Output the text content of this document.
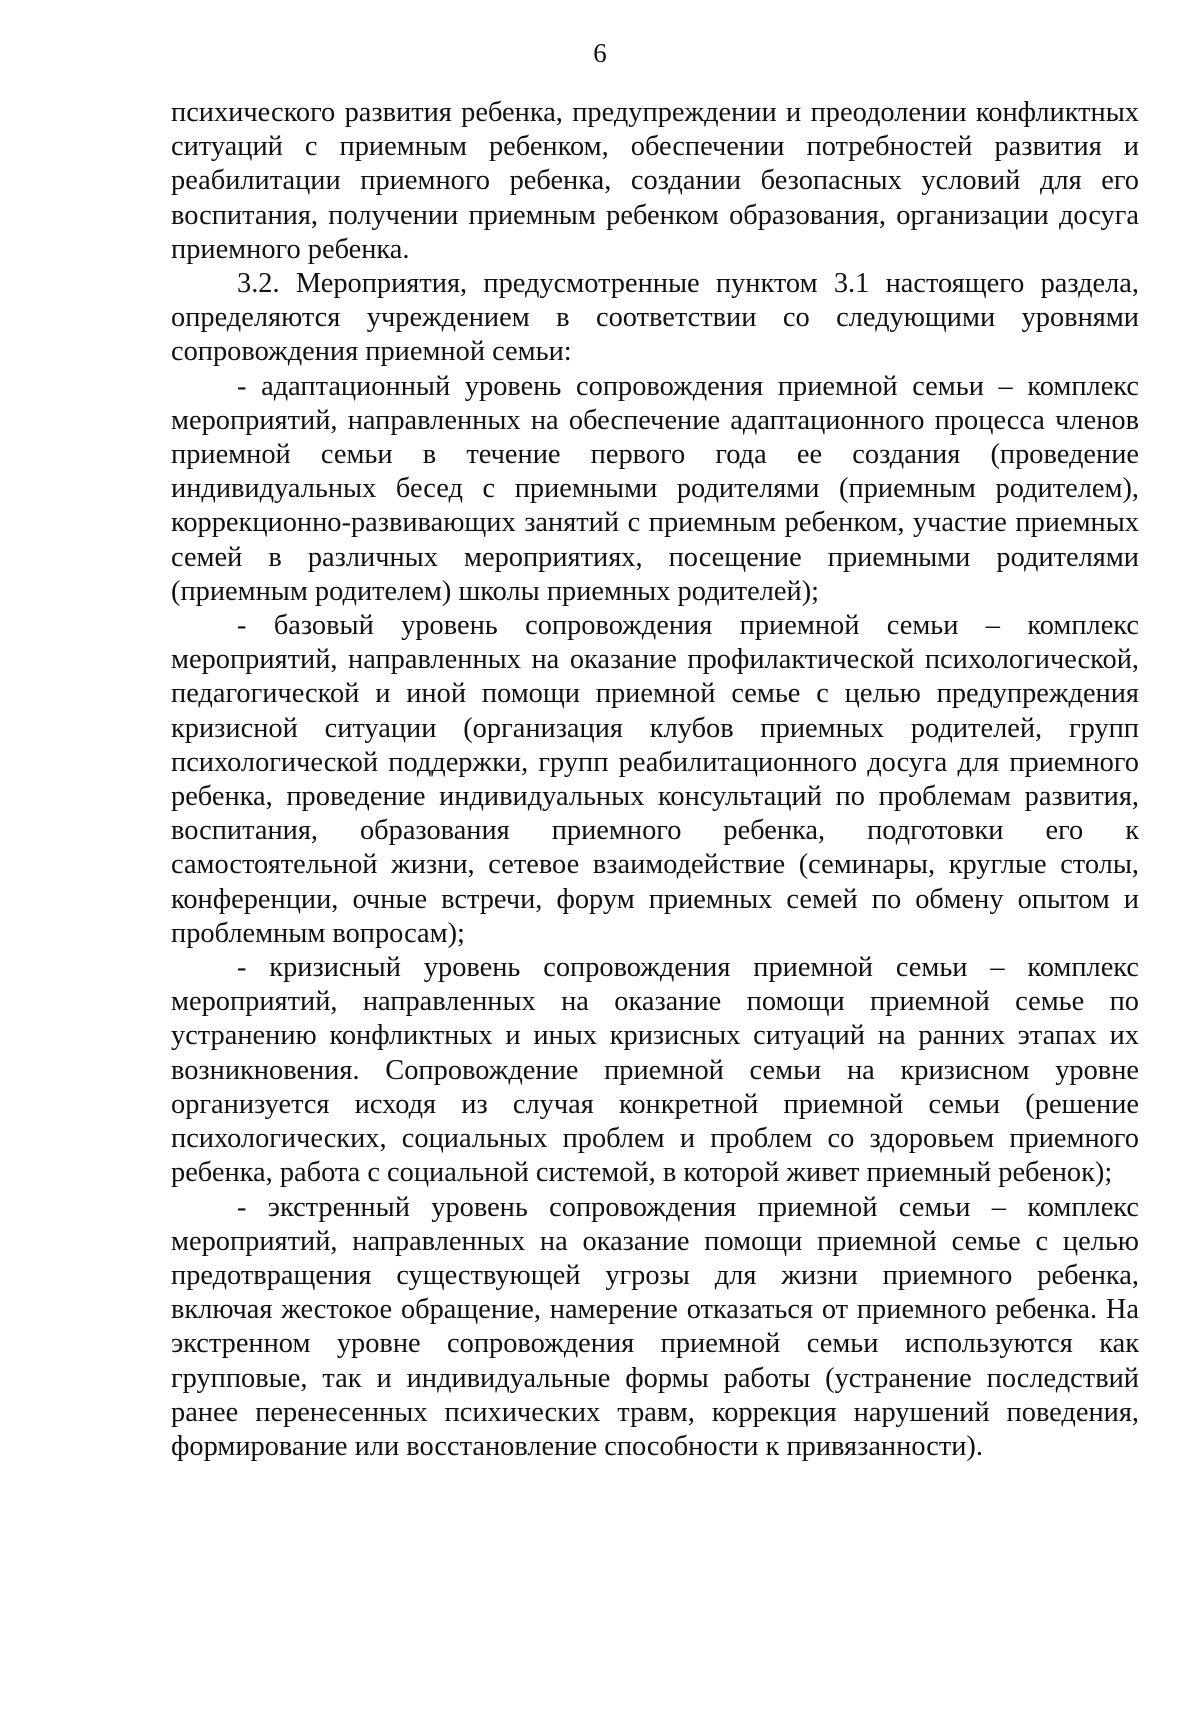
6

психического развития ребенка, предупреждении и преодолении конфликтных ситуаций с приемным ребенком, обеспечении потребностей развития и реабилитации приемного ребенка, создании безопасных условий для его воспитания, получении приемным ребенком образования, организации досуга приемного ребенка.

3.2. Мероприятия, предусмотренные пунктом 3.1 настоящего раздела, определяются учреждением в соответствии со следующими уровнями сопровождения приемной семьи:

- адаптационный уровень сопровождения приемной семьи – комплекс мероприятий, направленных на обеспечение адаптационного процесса членов приемной семьи в течение первого года ее создания (проведение индивидуальных бесед с приемными родителями (приемным родителем), коррекционно-развивающих занятий с приемным ребенком, участие приемных семей в различных мероприятиях, посещение приемными родителями (приемным родителем) школы приемных родителей);

- базовый уровень сопровождения приемной семьи – комплекс мероприятий, направленных на оказание профилактической психологической, педагогической и иной помощи приемной семье с целью предупреждения кризисной ситуации (организация клубов приемных родителей, групп психологической поддержки, групп реабилитационного досуга для приемного ребенка, проведение индивидуальных консультаций по проблемам развития, воспитания, образования приемного ребенка, подготовки его к самостоятельной жизни, сетевое взаимодействие (семинары, круглые столы, конференции, очные встречи, форум приемных семей по обмену опытом и проблемным вопросам);

- кризисный уровень сопровождения приемной семьи – комплекс мероприятий, направленных на оказание помощи приемной семье по устранению конфликтных и иных кризисных ситуаций на ранних этапах их возникновения. Сопровождение приемной семьи на кризисном уровне организуется исходя из случая конкретной приемной семьи (решение психологических, социальных проблем и проблем со здоровьем приемного ребенка, работа с социальной системой, в которой живет приемный ребенок);

- экстренный уровень сопровождения приемной семьи – комплекс мероприятий, направленных на оказание помощи приемной семье с целью предотвращения существующей угрозы для жизни приемного ребенка, включая жестокое обращение, намерение отказаться от приемного ребенка. На экстренном уровне сопровождения приемной семьи используются как групповые, так и индивидуальные формы работы (устранение последствий ранее перенесенных психических травм, коррекция нарушений поведения, формирование или восстановление способности к привязанности).
